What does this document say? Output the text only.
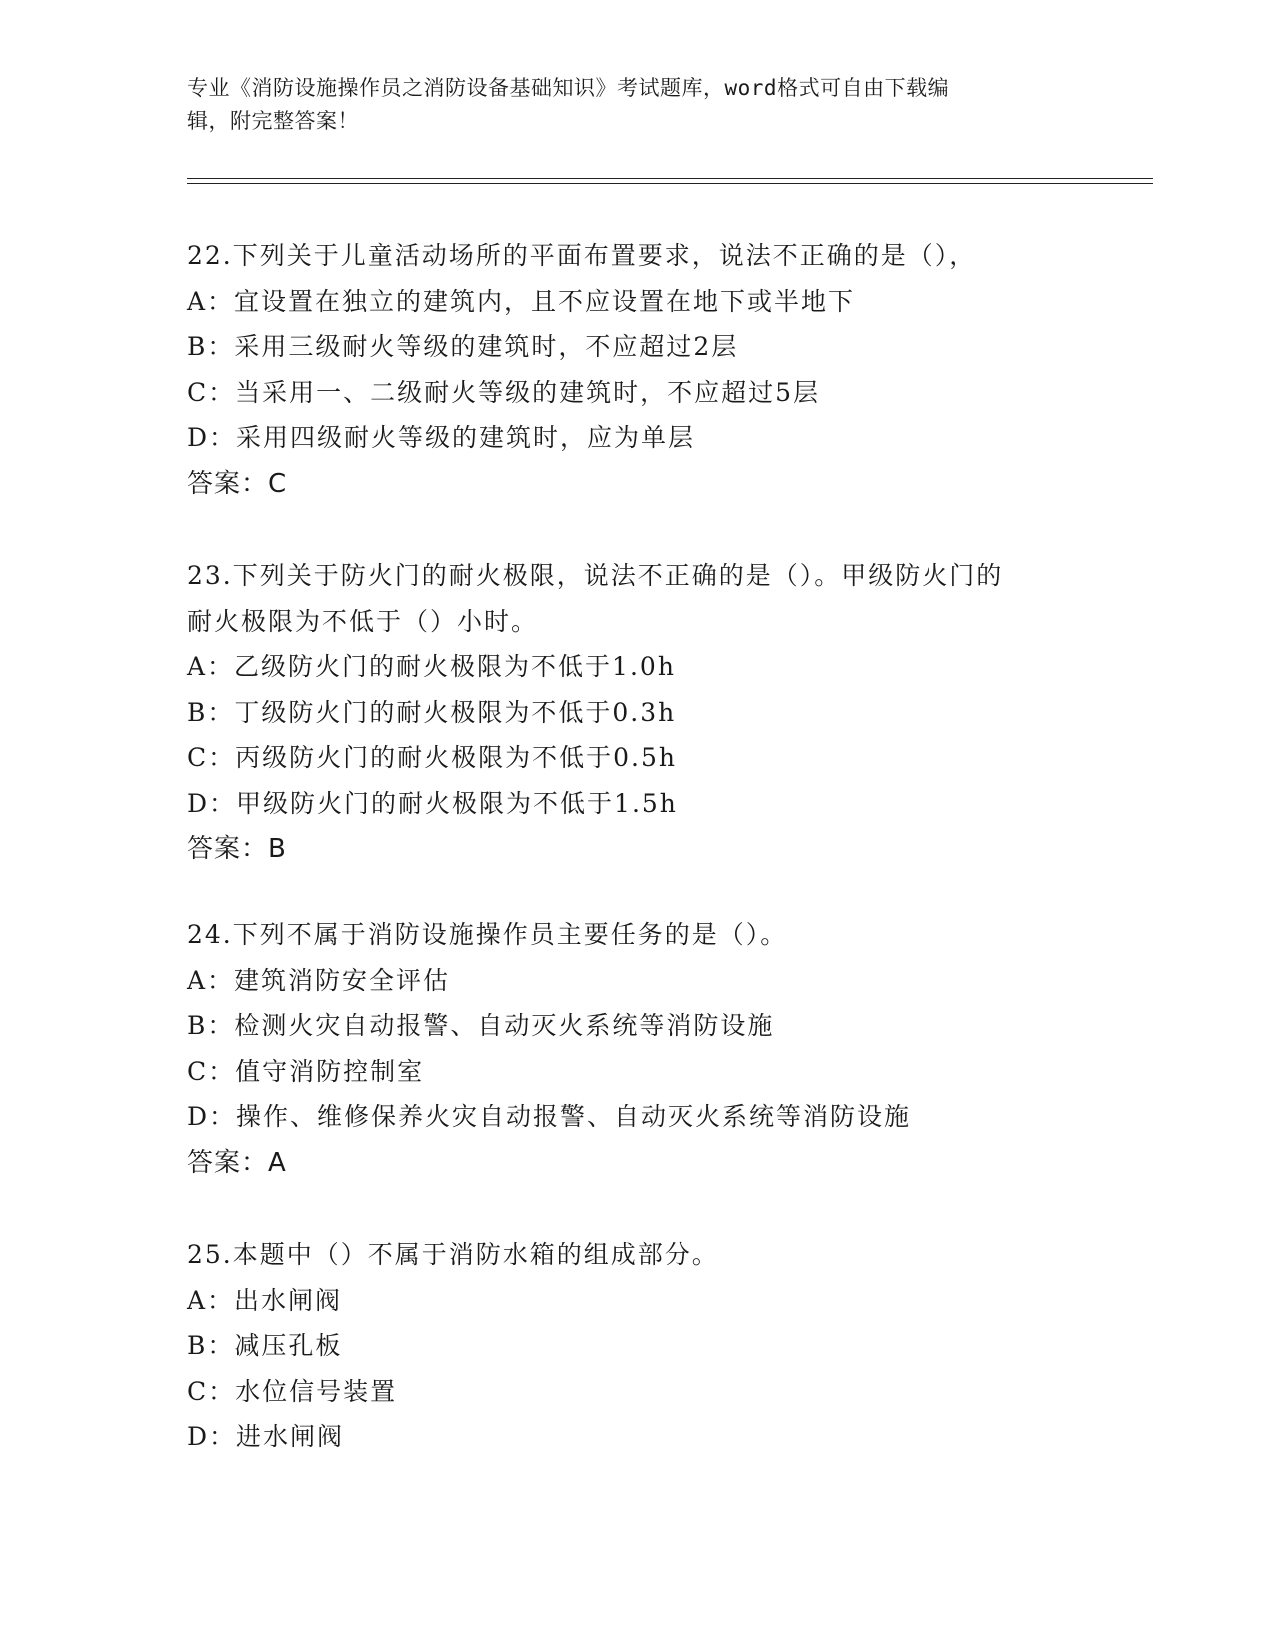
专业《消防设施操作员之消防设备基础知识》考试题库，word格式可自由下载编
辑，附完整答案！
22.下列关于儿童活动场所的平面布置要求，说法不正确的是（），
A：宜设置在独立的建筑内，且不应设置在地下或半地下
B：采用三级耐火等级的建筑时，不应超过2层
C：当采用一、二级耐火等级的建筑时，不应超过5层
D：采用四级耐火等级的建筑时，应为单层
答案：C
23.下列关于防火门的耐火极限，说法不正确的是（）。甲级防火门的
耐火极限为不低于（）小时。
A：乙级防火门的耐火极限为不低于1.0h
B：丁级防火门的耐火极限为不低于0.3h
C：丙级防火门的耐火极限为不低于0.5h
D：甲级防火门的耐火极限为不低于1.5h
答案：B
24.下列不属于消防设施操作员主要任务的是（）。
A：建筑消防安全评估
B：检测火灾自动报警、自动灭火系统等消防设施
C：值守消防控制室
D：操作、维修保养火灾自动报警、自动灭火系统等消防设施
答案：A
25.本题中（）不属于消防水箱的组成部分。
A：出水闸阀
B：减压孔板
C：水位信号装置
D：进水闸阀
